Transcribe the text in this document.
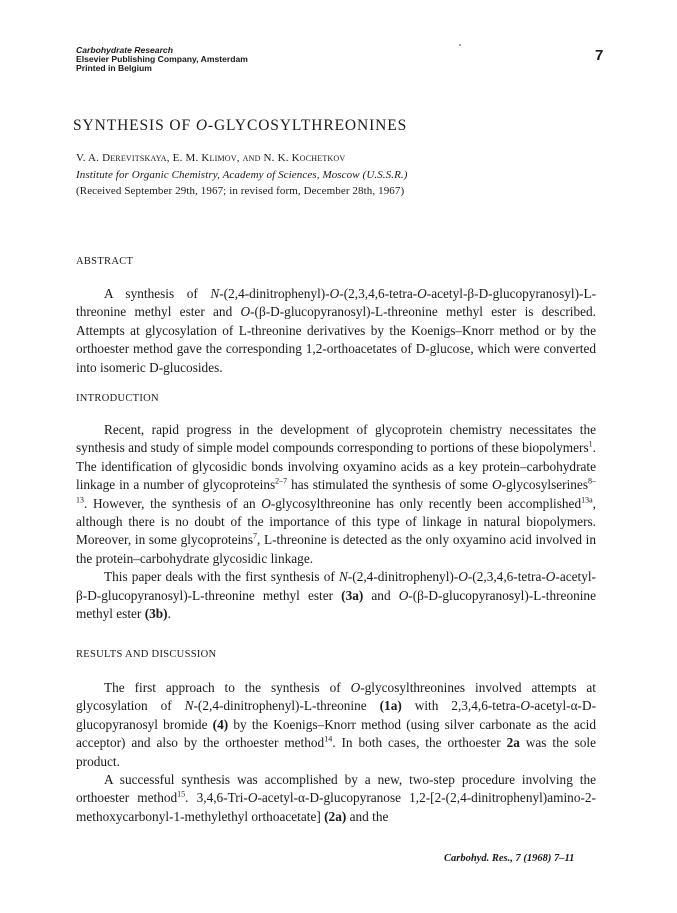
Carbohydrate Research
Elsevier Publishing Company, Amsterdam
Printed in Belgium
7
SYNTHESIS OF O-GLYCOSYLTHREONINES
V. A. Derevitskaya, E. M. Klimov, and N. K. Kochetkov
Institute for Organic Chemistry, Academy of Sciences, Moscow (U.S.S.R.)
(Received September 29th, 1967; in revised form, December 28th, 1967)
ABSTRACT

A synthesis of N-(2,4-dinitrophenyl)-O-(2,3,4,6-tetra-O-acetyl-β-D-glucopyranosyl)-L-threonine methyl ester and O-(β-D-glucopyranosyl)-L-threonine methyl ester is described. Attempts at glycosylation of L-threonine derivatives by the Koenigs–Knorr method or by the orthoester method gave the corresponding 1,2-orthoacetates of D-glucose, which were converted into isomeric D-glucosides.

INTRODUCTION

Recent, rapid progress in the development of glycoprotein chemistry necessitates the synthesis and study of simple model compounds corresponding to portions of these biopolymers$^1$. The identification of glycosidic bonds involving oxyamino acids as a key protein–carbohydrate linkage in a number of glycoproteins$^{2-7}$ has stimulated the synthesis of some O-glycosylserines$^{8-13}$. However, the synthesis of an O-glycosylthreonine has only recently been accomplished$^{13a}$, although there is no doubt of the importance of this type of linkage in natural biopolymers. Moreover, in some glycoproteins$^7$, L-threonine is detected as the only oxyamino acid involved in the protein–carbohydrate glycosidic linkage.

This paper deals with the first synthesis of N-(2,4-dinitrophenyl)-O-(2,3,4,6-tetra-O-acetyl-β-D-glucopyranosyl)-L-threonine methyl ester (3a) and O-(β-D-glucopyranosyl)-L-threonine methyl ester (3b).

RESULTS AND DISCUSSION

The first approach to the synthesis of O-glycosylthreonines involved attempts at glycosylation of N-(2,4-dinitrophenyl)-L-threonine (1a) with 2,3,4,6-tetra-O-acetyl-α-D-glucopyranosyl bromide (4) by the Koenigs–Knorr method (using silver carbonate as the acid acceptor) and also by the orthoester method$^{14}$. In both cases, the orthoester 2a was the sole product.

A successful synthesis was accomplished by a new, two-step procedure involving the orthoester method$^{15}$. 3,4,6-Tri-O-acetyl-α-D-glucopyranose 1,2-[2-(2,4-dinitrophenyl)amino-2-methoxycarbonyl-1-methylethyl orthoacetate] (2a) and the

Carbohyd. Res., 7 (1968) 7–11
